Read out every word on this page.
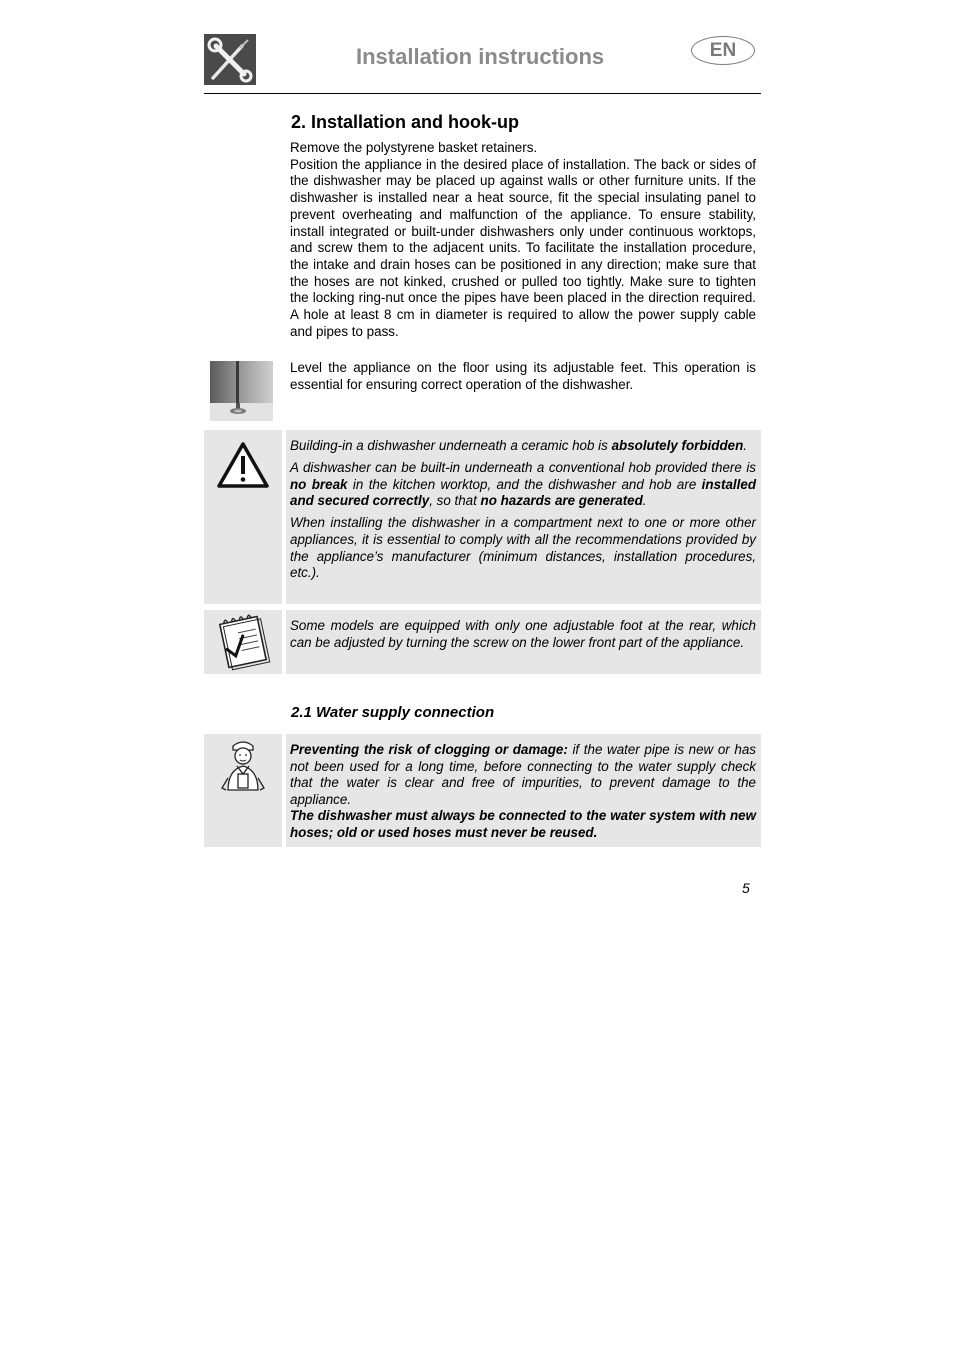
Installation instructions	EN
2. Installation and hook-up

Remove the polystyrene basket retainers.

Position the appliance in the desired place of installation. The back or sides of the dishwasher may be placed up against walls or other furniture units. If the dishwasher is installed near a heat source, fit the special insulating panel to prevent overheating and malfunction of the appliance. To ensure stability, install integrated or built-under dishwashers only under continuous worktops, and screw them to the adjacent units. To facilitate the installation procedure, the intake and drain hoses can be positioned in any direction; make sure that the hoses are not kinked, crushed or pulled too tightly. Make sure to tighten the locking ring-nut once the pipes have been placed in the direction required. A hole at least 8 cm in diameter is required to allow the power supply cable and pipes to pass.

Level the appliance on the floor using its adjustable feet. This operation is essential for ensuring correct operation of the dishwasher.

Building-in a dishwasher underneath a ceramic hob is absolutely forbidden.

A dishwasher can be built-in underneath a conventional hob provided there is no break in the kitchen worktop, and the dishwasher and hob are installed and secured correctly, so that no hazards are generated.

When installing the dishwasher in a compartment next to one or more other appliances, it is essential to comply with all the recommendations provided by the appliance’s manufacturer (minimum distances, installation procedures, etc.).

Some models are equipped with only one adjustable foot at the rear, which can be adjusted by turning the screw on the lower front part of the appliance.

2.1 Water supply connection

Preventing the risk of clogging or damage: if the water pipe is new or has not been used for a long time, before connecting to the water supply check that the water is clear and free of impurities, to prevent damage to the appliance.

The dishwasher must always be connected to the water system with new hoses; old or used hoses must never be reused.

5
